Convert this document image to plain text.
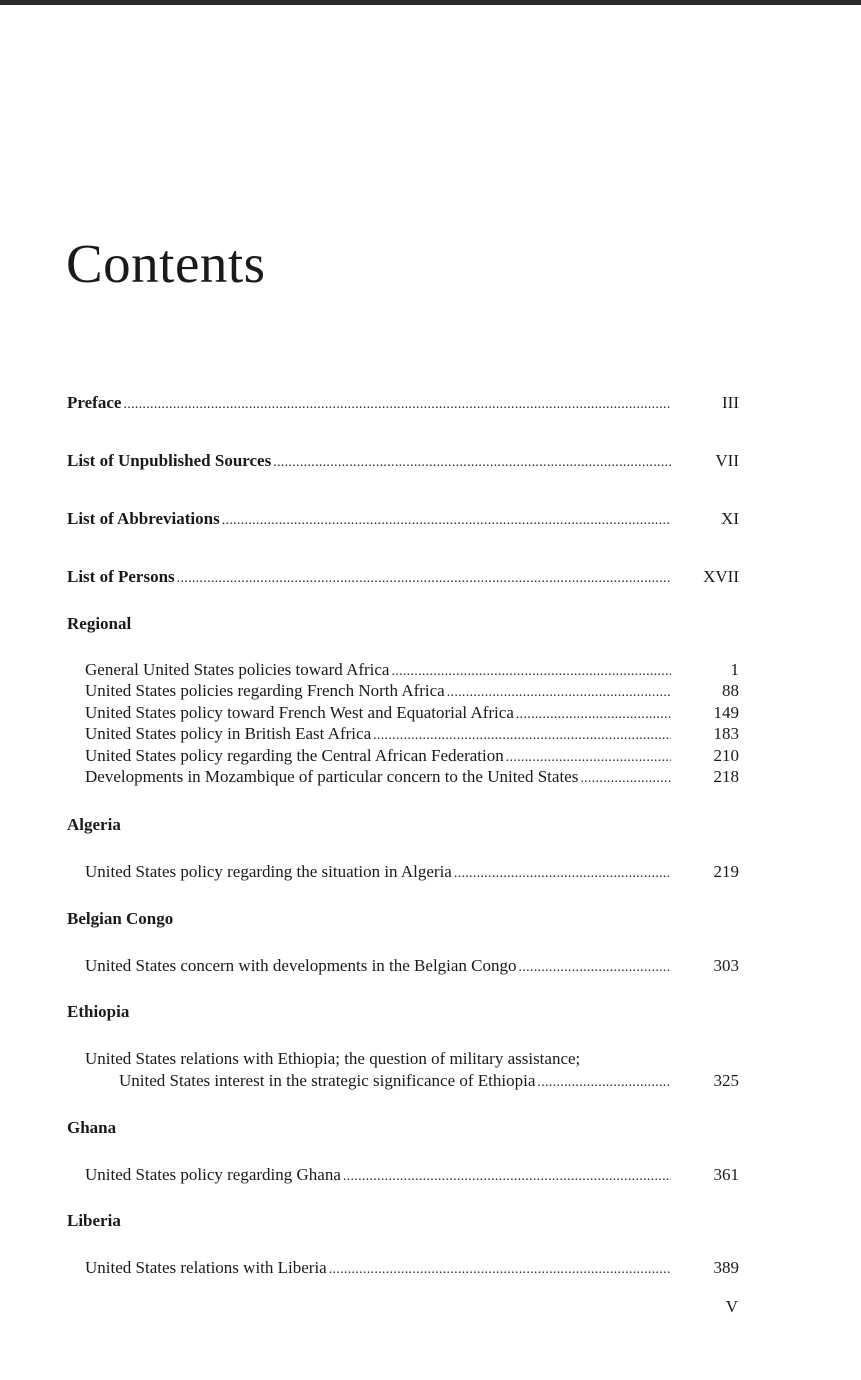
Contents
Preface . . .	III
List of Unpublished Sources . . .	VII
List of Abbreviations . . .	XI
List of Persons . . .	XVII
Regional
General United States policies toward Africa . . .	1
United States policies regarding French North Africa . . .	88
United States policy toward French West and Equatorial Africa . . .	149
United States policy in British East Africa . . .	183
United States policy regarding the Central African Federation . . .	210
Developments in Mozambique of particular concern to the United States . . .	218
Algeria
United States policy regarding the situation in Algeria . . .	219
Belgian Congo
United States concern with developments in the Belgian Congo . . .	303
Ethiopia
United States relations with Ethiopia; the question of military assistance;
United States interest in the strategic significance of Ethiopia . . .	325
Ghana
United States policy regarding Ghana . . .	361
Liberia
United States relations with Liberia . . .	389
V
